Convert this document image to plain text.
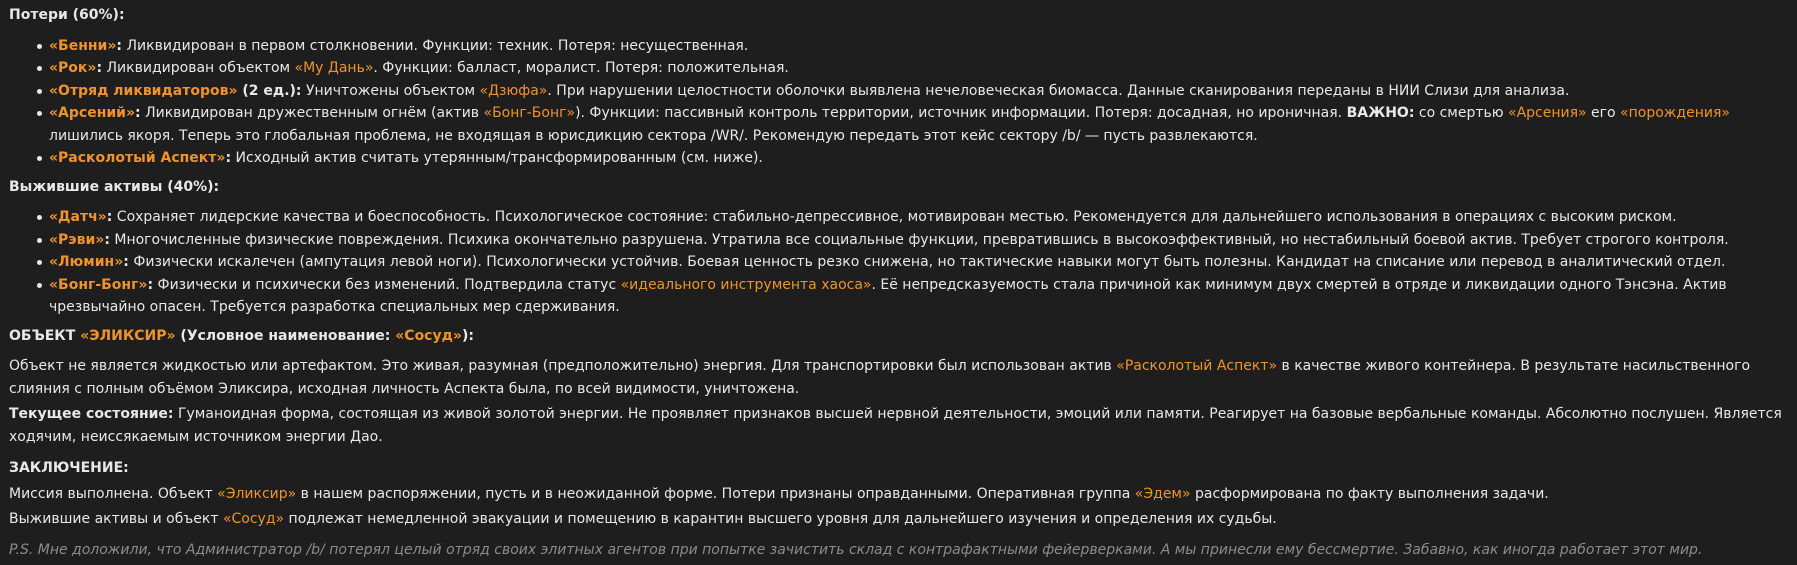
Потери (60%):

«Бенни»: Ликвидирован в первом столкновении. Функции: техник. Потеря: несущественная.
«Рок»: Ликвидирован объектом «Му Дань». Функции: балласт, моралист. Потеря: положительная.
«Отряд ликвидаторов» (2 ед.): Уничтожены объектом «Дзюфа». При нарушении целостности оболочки выявлена нечеловеческая биомасса. Данные сканирования переданы в НИИ Слизи для анализа.
«Арсений»: Ликвидирован дружественным огнём (актив «Бонг-Бонг»). Функции: пассивный контроль территории, источник информации. Потеря: досадная, но ироничная. ВАЖНО: со смертью «Арсения» его «порождения» лишились якоря. Теперь это глобальная проблема, не входящая в юрисдикцию сектора /WR/. Рекомендую передать этот кейс сектору /b/ — пусть развлекаются.
«Расколотый Аспект»: Исходный актив считать утерянным/трансформированным (см. ниже).

Выжившие активы (40%):

«Датч»: Сохраняет лидерские качества и боеспособность. Психологическое состояние: стабильно-депрессивное, мотивирован местью. Рекомендуется для дальнейшего использования в операциях с высоким риском.
«Рэви»: Многочисленные физические повреждения. Психика окончательно разрушена. Утратила все социальные функции, превратившись в высокоэффективный, но нестабильный боевой актив. Требует строгого контроля.
«Люмин»: Физически искалечен (ампутация левой ноги). Психологически устойчив. Боевая ценность резко снижена, но тактические навыки могут быть полезны. Кандидат на списание или перевод в аналитический отдел.
«Бонг-Бонг»: Физически и психически без изменений. Подтвердила статус «идеального инструмента хаоса». Её непредсказуемость стала причиной как минимум двух смертей в отряде и ликвидации одного Тэнсэна. Актив чрезвычайно опасен. Требуется разработка специальных мер сдерживания.

ОБЪЕКТ «ЭЛИКСИР» (Условное наименование: «Сосуд»):

Объект не является жидкостью или артефактом. Это живая, разумная (предположительно) энергия. Для транспортировки был использован актив «Расколотый Аспект» в качестве живого контейнера. В результате насильственного слияния с полным объёмом Эликсира, исходная личность Аспекта была, по всей видимости, уничтожена.

Текущее состояние: Гуманоидная форма, состоящая из живой золотой энергии. Не проявляет признаков высшей нервной деятельности, эмоций или памяти. Реагирует на базовые вербальные команды. Абсолютно послушен. Является ходячим, неиссякаемым источником энергии Дао.

ЗАКЛЮЧЕНИЕ:

Миссия выполнена. Объект «Эликсир» в нашем распоряжении, пусть и в неожиданной форме. Потери признаны оправданными. Оперативная группа «Эдем» расформирована по факту выполнения задачи.

Выжившие активы и объект «Сосуд» подлежат немедленной эвакуации и помещению в карантин высшего уровня для дальнейшего изучения и определения их судьбы.

P.S. Мне доложили, что Администратор /b/ потерял целый отряд своих элитных агентов при попытке зачистить склад с контрафактными фейерверками. А мы принесли ему бессмертие. Забавно, как иногда работает этот мир.
